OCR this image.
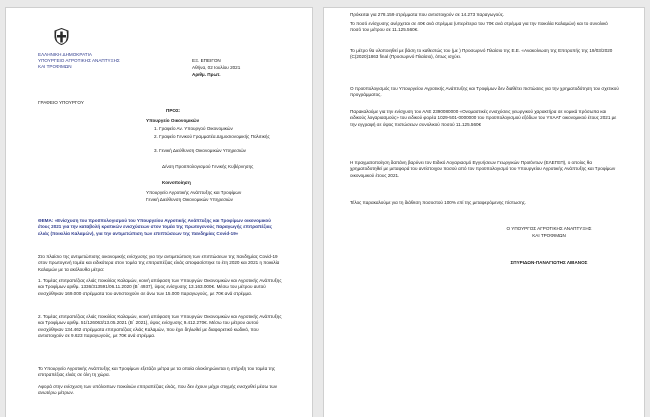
ΕΛΛΗΝΙΚΗ ΔΗΜΟΚΡΑΤΙΑ
ΥΠΟΥΡΓΕΙΟ ΑΓΡΟΤΙΚΗΣ ΑΝΑΠΤΥΞΗΣ
ΚΑΙ ΤΡΟΦΙΜΩΝ
ΕΞ. ΕΠΕΙΓΟΝ
Αθήνα, 02 Ιουλίου 2021
Αριθμ. Πρωτ.
ΓΡΑΦΕΙΟ ΥΠΟΥΡΓΟΥ
ΠΡΟΣ:
Υπουργείο Οικονομικών
1. Γραφείο Αν. Υπουργού Οικονομικών
2. Γραφείο Γενικού Γραμματέα Δημοσιονομικής Πολιτικής
3. Γενική Διεύθυνση Οικονομικών Υπηρεσιών
Δ/νση Προϋπολογισμού Γενικής Κυβέρνησης
Κοινοποίηση
Υπουργείο Αγροτικής Ανάπτυξης και Τροφίμων
Γενική Διεύθυνση Οικονομικών Υπηρεσιών
ΘΕΜΑ: «Ενίσχυση του προϋπολογισμού του Υπουργείου Αγροτικής Ανάπτυξης και Τροφίμων οικονομικού έτους 2021 για την καταβολή κρατικών ενισχύσεων στον τομέα της πρωτογενούς παραγωγής επιτραπέζιας ελιάς (ποικιλία Καλαμών), για την αντιμετώπιση των επιπτώσεων της πανδημίας Covid-19»
Στο πλαίσιο της αντιμετώπισης οικονομικής ενίσχυσης για την αντιμετώπιση των επιπτώσεων της πανδημίας Covid-19 στον πρωτογενή τομέα και ειδικότερα στον τομέα της επιτραπέζιας ελιάς αποφασίστηκε το έτη 2020 και 2021 η ποικιλία Καλαμών με τα ακόλουθα μέτρα:
1. Τομέας επιτραπέζιας ελιάς ποικιλίας Καλαμών, κοινή απόφαση των Υπουργών Οικονομικών και Αγροτικής Ανάπτυξης και Τροφίμων αριθμ. 1336/313591/06.11.2020 (Β΄ 4937), ύψος ενίσχυσης 13.163.000€. Μέσω του μέτρου αυτού ενισχύθηκαν 169.000 στρέμματα του αντιστοιχούν σε άνω των 15.000 παραγωγούς, με 70€ ανά στρέμμα.
2. Τομέας επιτραπέζιας ελιάς ποικιλίας Καλαμών, κοινή απόφαση των Υπουργών Οικονομικών και Αγροτικής Ανάπτυξης και Τροφίμων αριθμ. 51/126063/13.05.2021 (Β΄ 2021), ύψος ενίσχυσης 9.412.270€. Μέσω του μέτρου αυτού ενισχύθηκαν 134.462 στρέμματα επιτραπέζιας ελιάς Καλαμών, που έχει δηλωθεί με διαφορετικό κωδικό, που αντιστοιχούν σε 9.623 παραγωγούς, με 70€ ανά στρέμμα.
Το Υπουργείο Αγροτικής Ανάπτυξης και Τροφίμων εξετάζει μέτρα με τα οποία ολοκληρώνεται η στήριξη του τομέα της επιτραπέζιας ελιάς σε όλη τη χώρα.
Αφορά στην ενίσχυση των υπόλοιπων ποικιλιών επιτραπέζιας ελιάς, που δεν έχουν μέχρι στιγμής ενισχυθεί μέσω των ανωτέρω μέτρων.
Πρόκειται για 278.159 στρέμματα που αντιστοιχούν σε 14.273 παραγωγούς.
Το ποσό ενίσχυσης ανέρχεται σε 40€ ανά στρέμμα (υπερέτερα του 70€ ανά στρέμμα για την ποικιλία Καλαμών) και το συνολικό ποσό του μέτρου σε 11.125.560€.
Το μέτρο θα υλοποιηθεί με βάση το καθεστώς του (με ) Προσωρινό Πλαίσιο της Ε.Ε. «Ανακοίνωση της Επιτροπής της 19/03/2020 (C(2020)1863 final (Προσωρινό Πλαίσιο), όπως ισχύει.
Ο προϋπολογισμός του Υπουργείου Αγροτικής Ανάπτυξης και Τροφίμων δεν διαθέτει πιστώσεις για την χρηματοδότηση του σχετικού προγράμματος.
Παρακαλούμε για την ενίσχυση του ΑΛΕ 2390080000 «Ονομαστικές ενισχύσεις γεωργικού χαρακτήρα σε νομικά πρόσωπα και ειδικούς λογαριασμούς» του ειδικού φορέα 1029-501-0000000 του προϋπολογισμού εξόδων του ΥπΑΑΤ οικονομικού έτους 2021 με την εγγραφή σε ύψος πιστώσεων συνολικού ποσού 11.125.560€
Η πραγματοποίηση δαπάνη βαρύνει τον Ειδικό Λογαριασμό Εγγυήσεων Γεωργικών Προϊόντων (ΕΛΕΓΕΠ), ο οποίος θα χρηματοδοτηθεί με μεταφορά του αντίστοιχου ποσού από τον προϋπολογισμό του Υπουργείου Αγροτικής Ανάπτυξης και Τροφίμων οικονομικού έτους 2021.
Τέλος παρακαλούμε για τη διάθεση ποσοστού 100% επί της μεταφερόμενης πίστωσης.
Ο ΥΠΟΥΡΓΟΣ ΑΓΡΟΤΙΚΗΣ ΑΝΑΠΤΥΞΗΣ
ΚΑΙ ΤΡΟΦΙΜΩΝ
ΣΠΥΡΙΔΩΝ-ΠΑΝΑΓΙΩΤΗΣ ΛΙΒΑΝΟΣ
